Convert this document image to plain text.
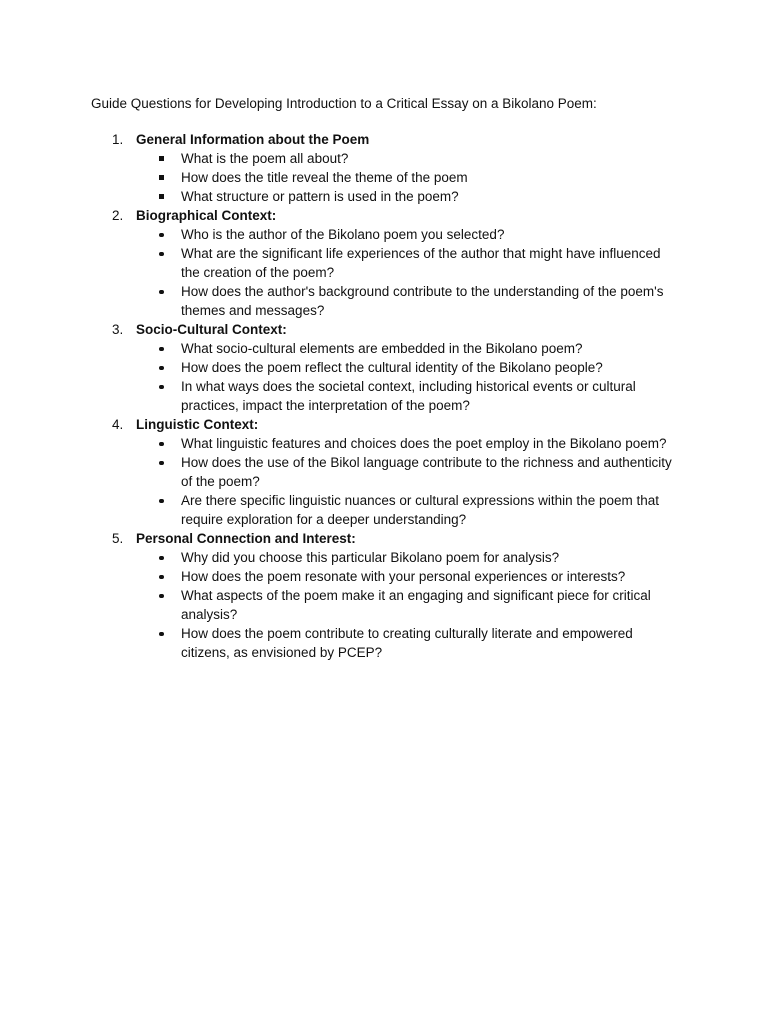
Guide Questions for Developing Introduction to a Critical Essay on a Bikolano Poem:

1. General Information about the Poem
What is the poem all about?
How does the title reveal the theme of the poem
What structure or pattern is used in the poem?
2. Biographical Context:
Who is the author of the Bikolano poem you selected?
What are the significant life experiences of the author that might have influenced the creation of the poem?
How does the author's background contribute to the understanding of the poem's themes and messages?
3. Socio-Cultural Context:
What socio-cultural elements are embedded in the Bikolano poem?
How does the poem reflect the cultural identity of the Bikolano people?
In what ways does the societal context, including historical events or cultural practices, impact the interpretation of the poem?
4. Linguistic Context:
What linguistic features and choices does the poet employ in the Bikolano poem?
How does the use of the Bikol language contribute to the richness and authenticity of the poem?
Are there specific linguistic nuances or cultural expressions within the poem that require exploration for a deeper understanding?
5. Personal Connection and Interest:
Why did you choose this particular Bikolano poem for analysis?
How does the poem resonate with your personal experiences or interests?
What aspects of the poem make it an engaging and significant piece for critical analysis?
How does the poem contribute to creating culturally literate and empowered citizens, as envisioned by PCEP?
